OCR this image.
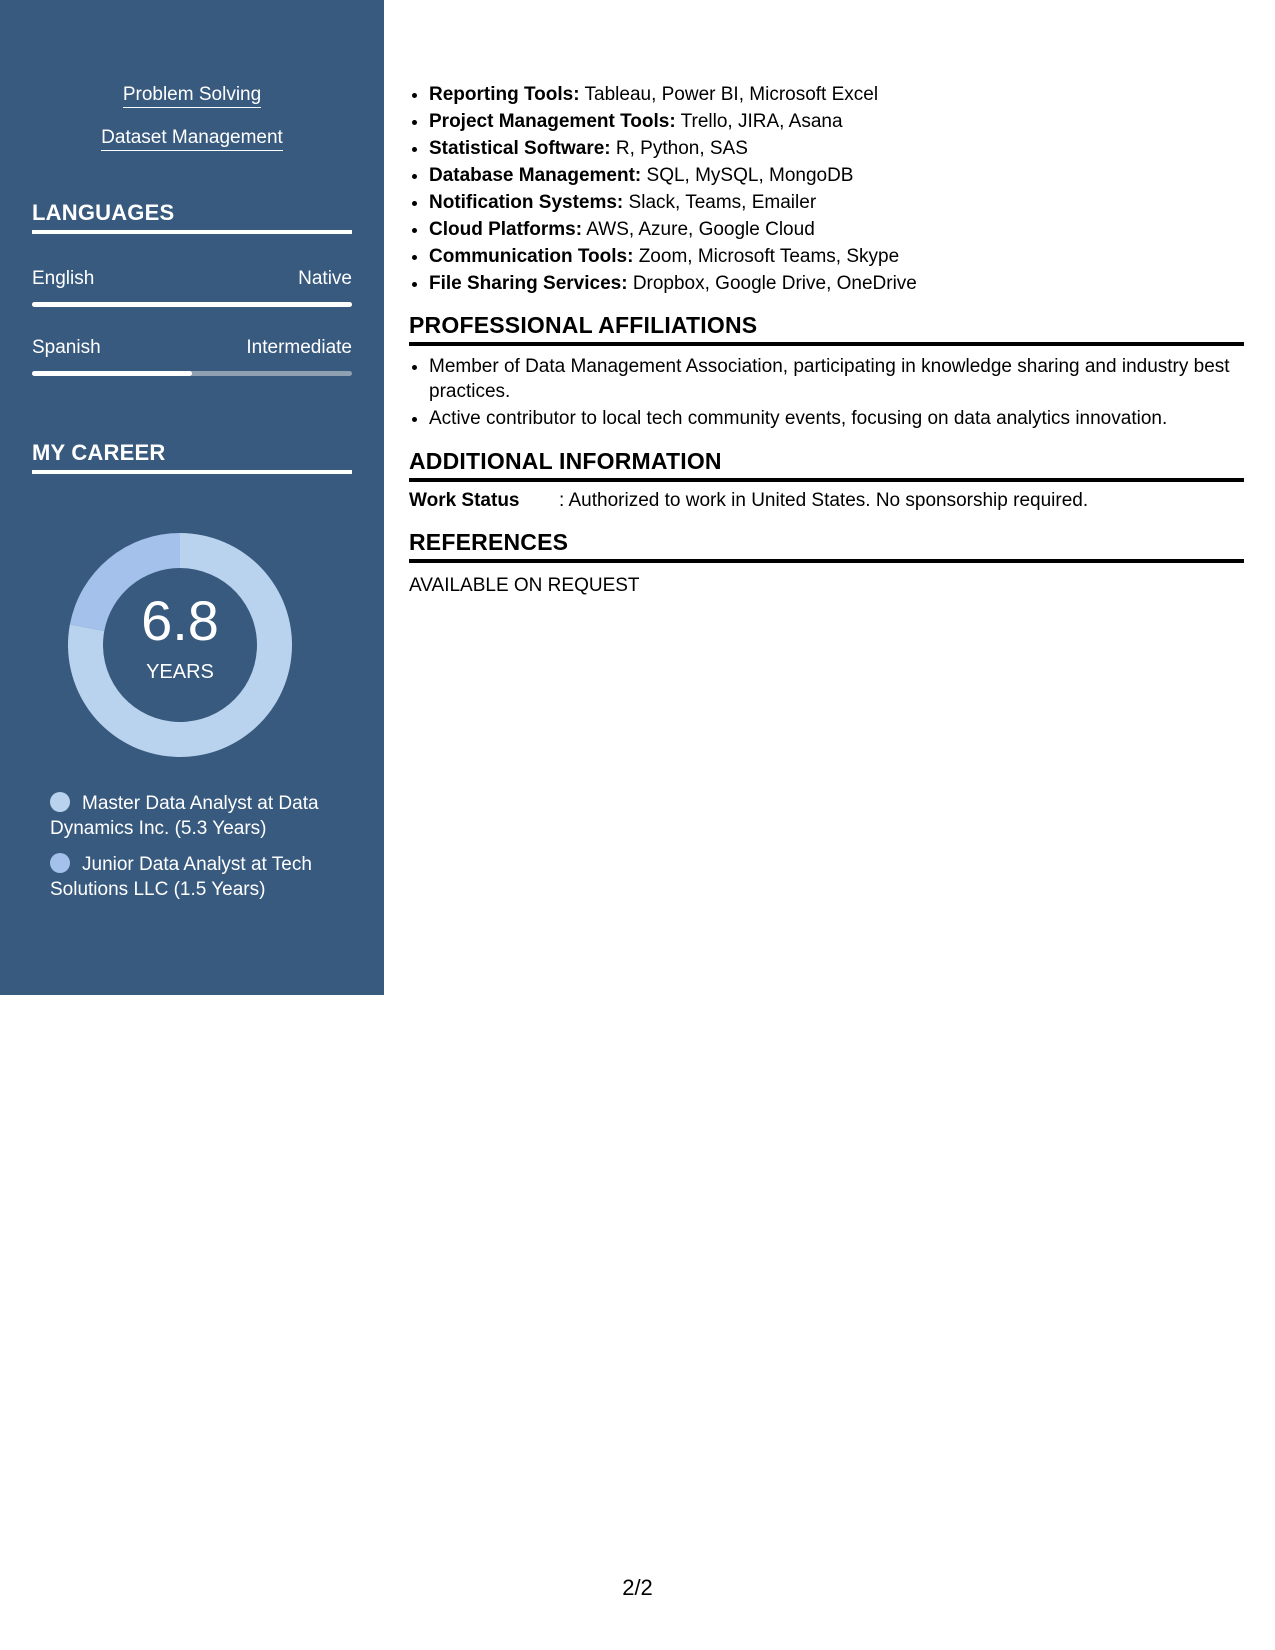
Problem Solving
Dataset Management
LANGUAGES
English	Native
Spanish	Intermediate
MY CAREER
6.8
YEARS
Master Data Analyst at Data Dynamics Inc. (5.3 Years)
Junior Data Analyst at Tech Solutions LLC (1.5 Years)
• Reporting Tools: Tableau, Power BI, Microsoft Excel
• Project Management Tools: Trello, JIRA, Asana
• Statistical Software: R, Python, SAS
• Database Management: SQL, MySQL, MongoDB
• Notification Systems: Slack, Teams, Emailer
• Cloud Platforms: AWS, Azure, Google Cloud
• Communication Tools: Zoom, Microsoft Teams, Skype
• File Sharing Services: Dropbox, Google Drive, OneDrive
PROFESSIONAL AFFILIATIONS
• Member of Data Management Association, participating in knowledge sharing and industry best practices.
• Active contributor to local tech community events, focusing on data analytics innovation.
ADDITIONAL INFORMATION
Work Status	: Authorized to work in United States. No sponsorship required.
REFERENCES
AVAILABLE ON REQUEST
2/2
